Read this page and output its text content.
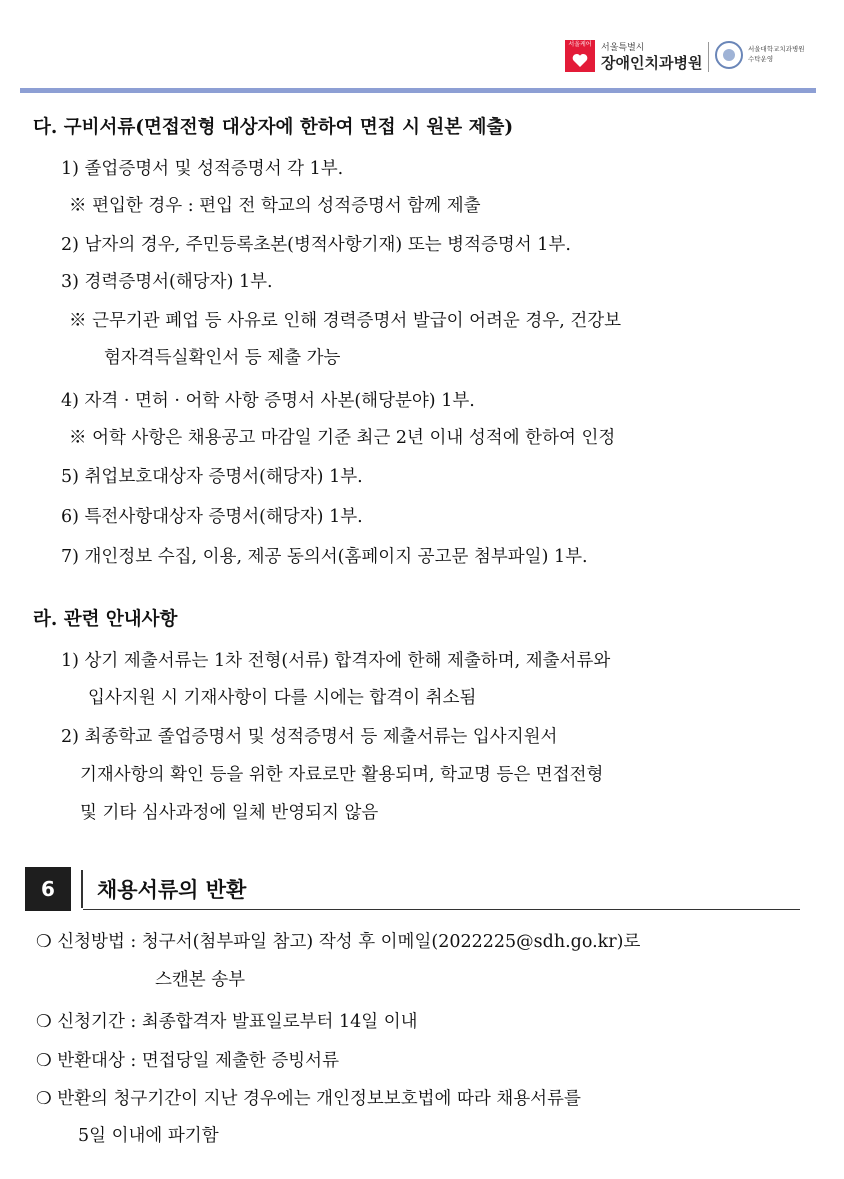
서울케어	서울특별시
장애인치과병원
서울대학교치과병원
수탁운영
다. 구비서류(면접전형 대상자에 한하여 면접 시 원본 제출)
1) 졸업증명서 및 성적증명서 각 1부.
※ 편입한 경우 : 편입 전 학교의 성적증명서 함께 제출
2) 남자의 경우, 주민등록초본(병적사항기재) 또는 병적증명서 1부.
3) 경력증명서(해당자) 1부.
※ 근무기관 폐업 등 사유로 인해 경력증명서 발급이 어려운 경우, 건강보
험자격득실확인서 등 제출 가능
4) 자격 · 면허 · 어학 사항 증명서 사본(해당분야) 1부.
※ 어학 사항은 채용공고 마감일 기준 최근 2년 이내 성적에 한하여 인정
5) 취업보호대상자 증명서(해당자) 1부.
6) 특전사항대상자 증명서(해당자) 1부.
7) 개인정보 수집, 이용, 제공 동의서(홈페이지 공고문 첨부파일) 1부.
라. 관련 안내사항
1) 상기 제출서류는 1차 전형(서류) 합격자에 한해 제출하며, 제출서류와
입사지원 시 기재사항이 다를 시에는 합격이 취소됨
2) 최종학교 졸업증명서 및 성적증명서 등 제출서류는 입사지원서
기재사항의 확인 등을 위한 자료로만 활용되며, 학교명 등은 면접전형
및 기타 심사과정에 일체 반영되지 않음
6	채용서류의 반환
❍ 신청방법 : 청구서(첨부파일 참고) 작성 후 이메일(2022225@sdh.go.kr)로
스캔본 송부
❍ 신청기간 : 최종합격자 발표일로부터 14일 이내
❍ 반환대상 : 면접당일 제출한 증빙서류
❍ 반환의 청구기간이 지난 경우에는 개인정보보호법에 따라 채용서류를
5일 이내에 파기함
